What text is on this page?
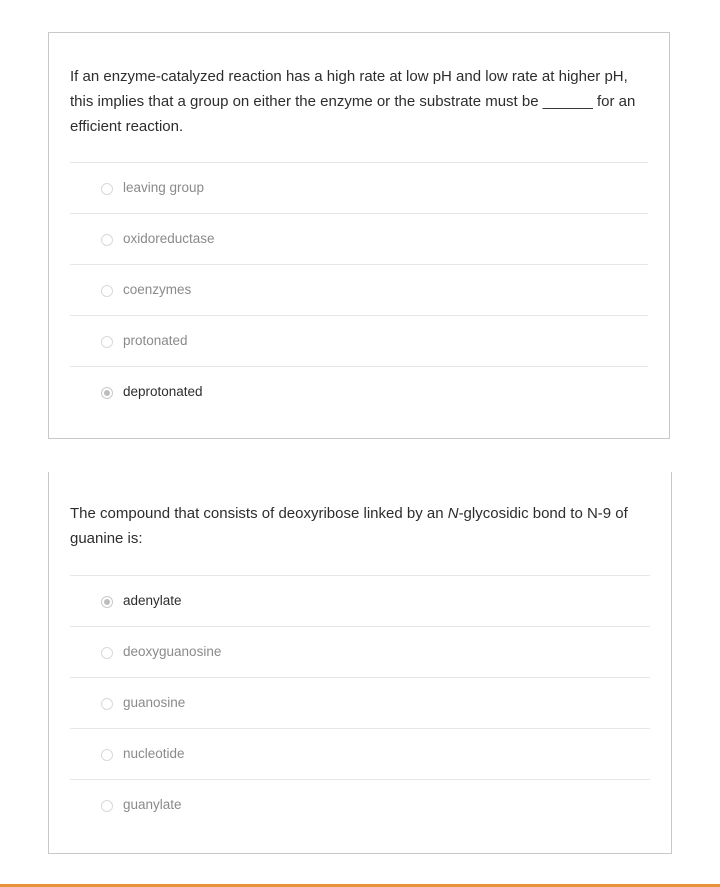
If an enzyme-catalyzed reaction has a high rate at low pH and low rate at higher pH, this implies that a group on either the enzyme or the substrate must be ______ for an efficient reaction.
leaving group
oxidoreductase
coenzymes
protonated
deprotonated
The compound that consists of deoxyribose linked by an N-glycosidic bond to N-9 of guanine is:
adenylate
deoxyguanosine
guanosine
nucleotide
guanylate
